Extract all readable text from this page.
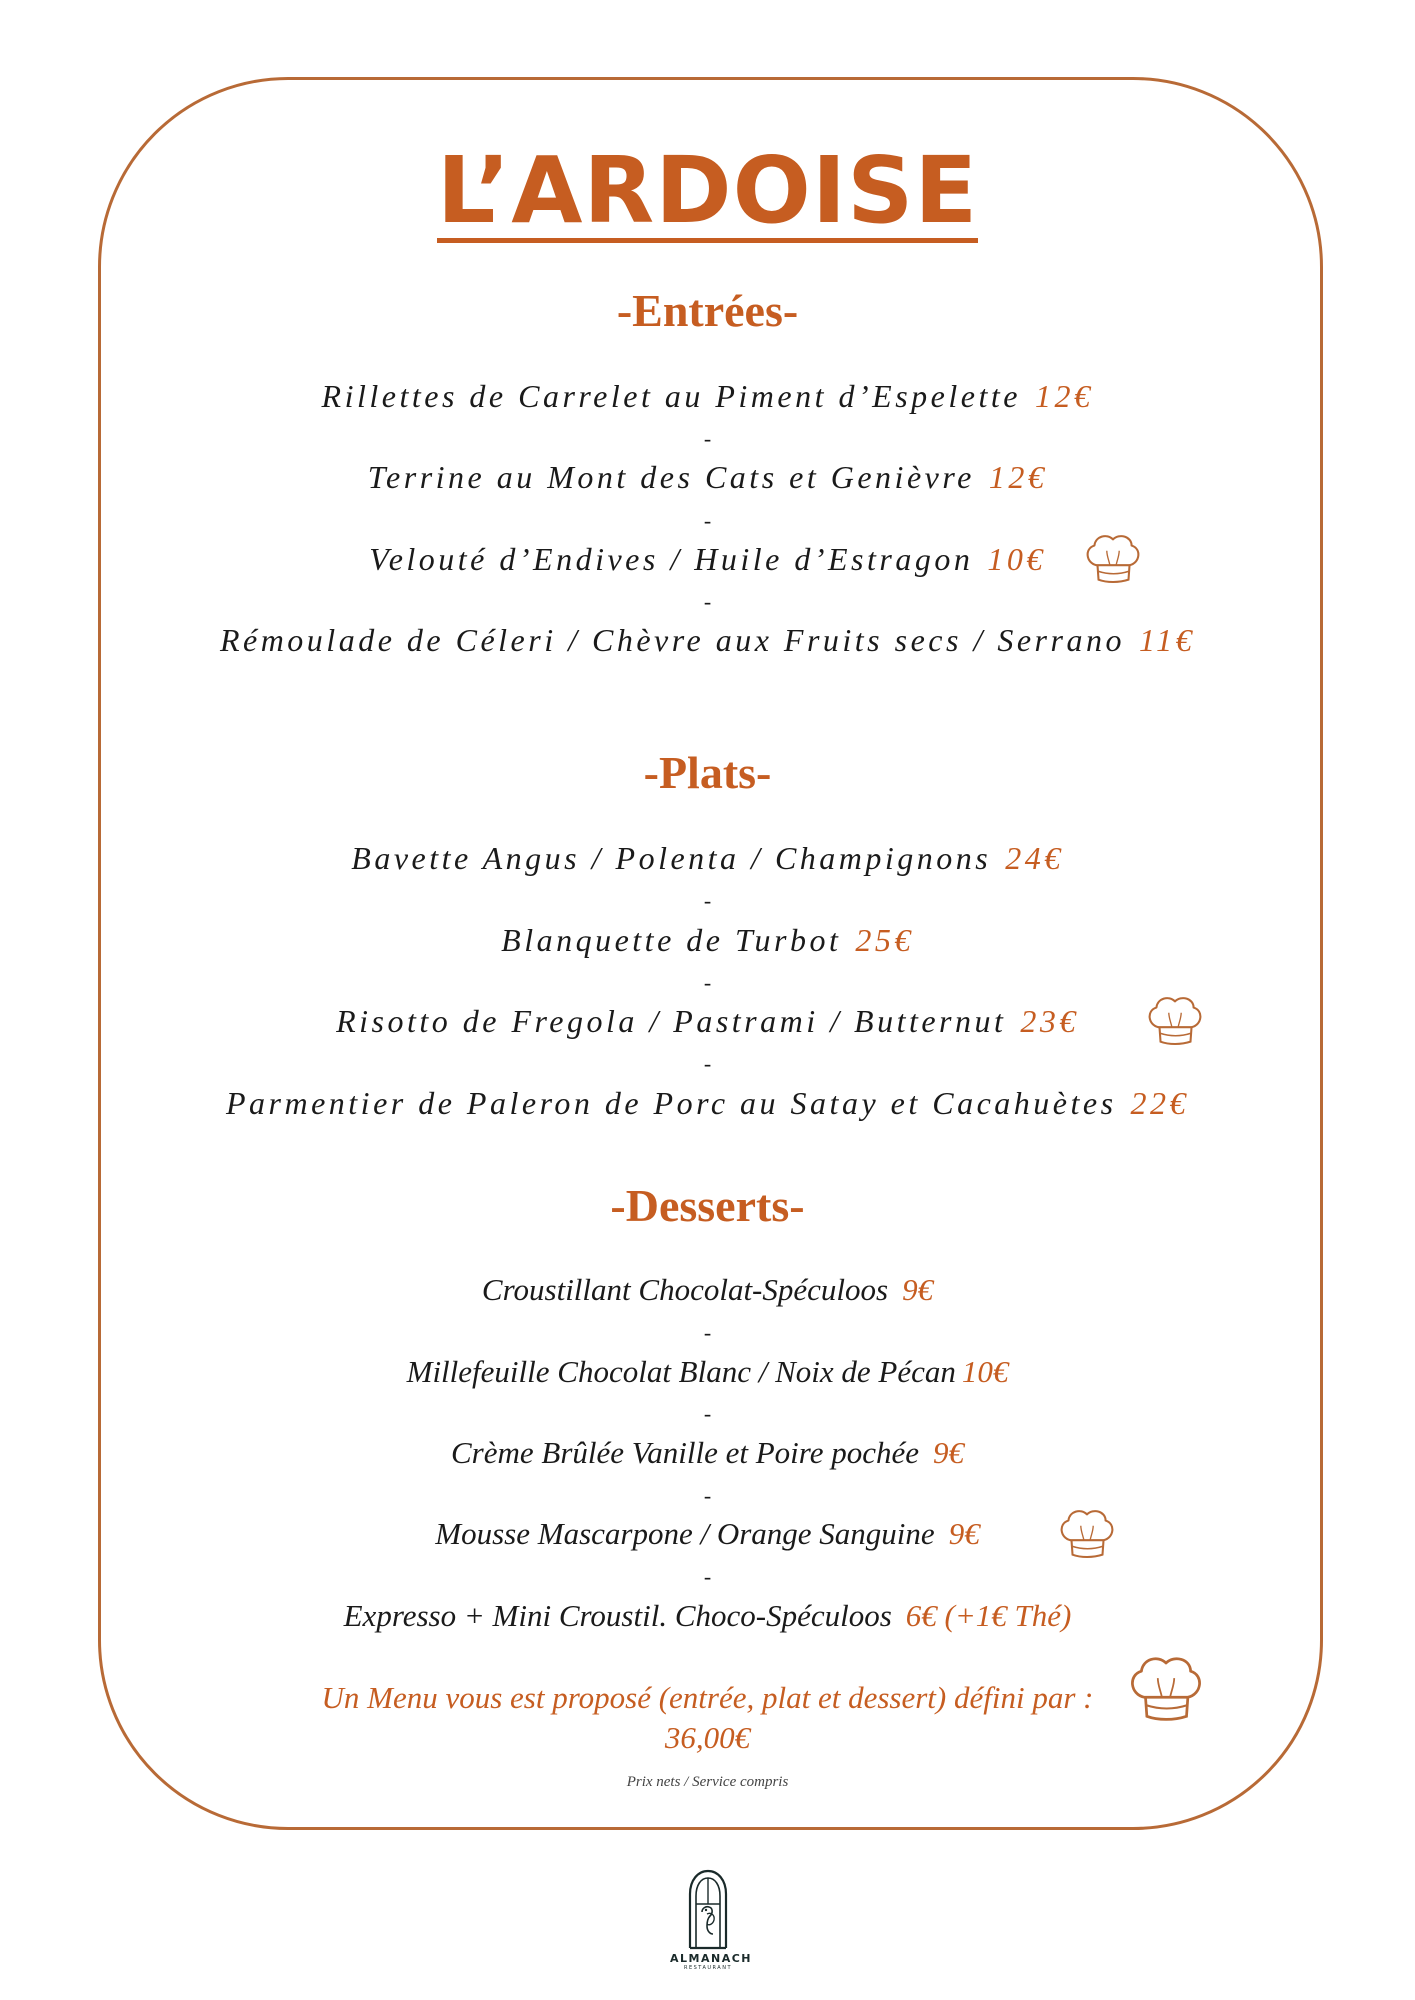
L’ARDOISE
-Entrées-
Rillettes de Carrelet au Piment d’Espelette 12€
-
Terrine au Mont des Cats et Genièvre 12€
-
Velouté d’Endives / Huile d’Estragon 10€
-
Rémoulade de Céleri / Chèvre aux Fruits secs / Serrano 11€
-Plats-
Bavette Angus / Polenta / Champignons 24€
-
Blanquette de Turbot 25€
-
Risotto de Fregola / Pastrami / Butternut 23€
-
Parmentier de Paleron de Porc au Satay et Cacahuètes 22€
-Desserts-
Croustillant Chocolat-Spéculoos 9€
-
Millefeuille Chocolat Blanc / Noix de Pécan 10€
-
Crème Brûlée Vanille et Poire pochée 9€
-
Mousse Mascarpone / Orange Sanguine 9€
-
Expresso + Mini Croustil. Choco-Spéculoos 6€ (+1€ Thé)
Un Menu vous est proposé (entrée, plat et dessert) défini par :
36,00€
Prix nets / Service compris
ALMANACH
RESTAURANT
